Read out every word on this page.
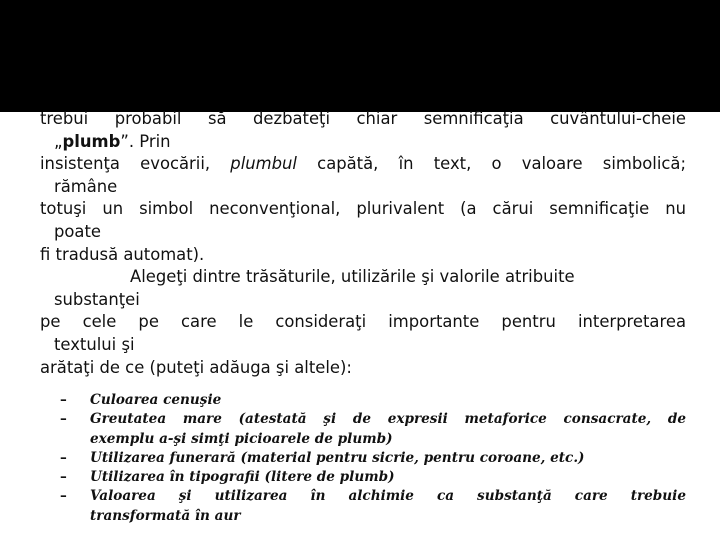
trebui probabil să dezbateţi chiar semnificaţia cuvântului-cheie
„plumb”. Prin
insistenţa evocării, plumbul capătă, în text, o valoare simbolică;
rămâne
totuşi un simbol neconvenţional, plurivalent (a cărui semnificaţie nu
poate
fi tradusă automat).
Alegeţi dintre trăsăturile, utilizările şi valorile atribuite
substanţei
pe cele pe care le consideraţi importante pentru interpretarea
textului şi
arătaţi de ce (puteţi adăuga şi altele):
– Culoarea cenuşie
– Greutatea mare (atestată şi de expresii metaforice consacrate, de
exemplu a-şi simţi picioarele de plumb)
– Utilizarea funerară (material pentru sicrie, pentru coroane, etc.)
– Utilizarea în tipografii (litere de plumb)
– Valoarea şi utilizarea în alchimie ca substanţă care trebuie
transformată în aur
